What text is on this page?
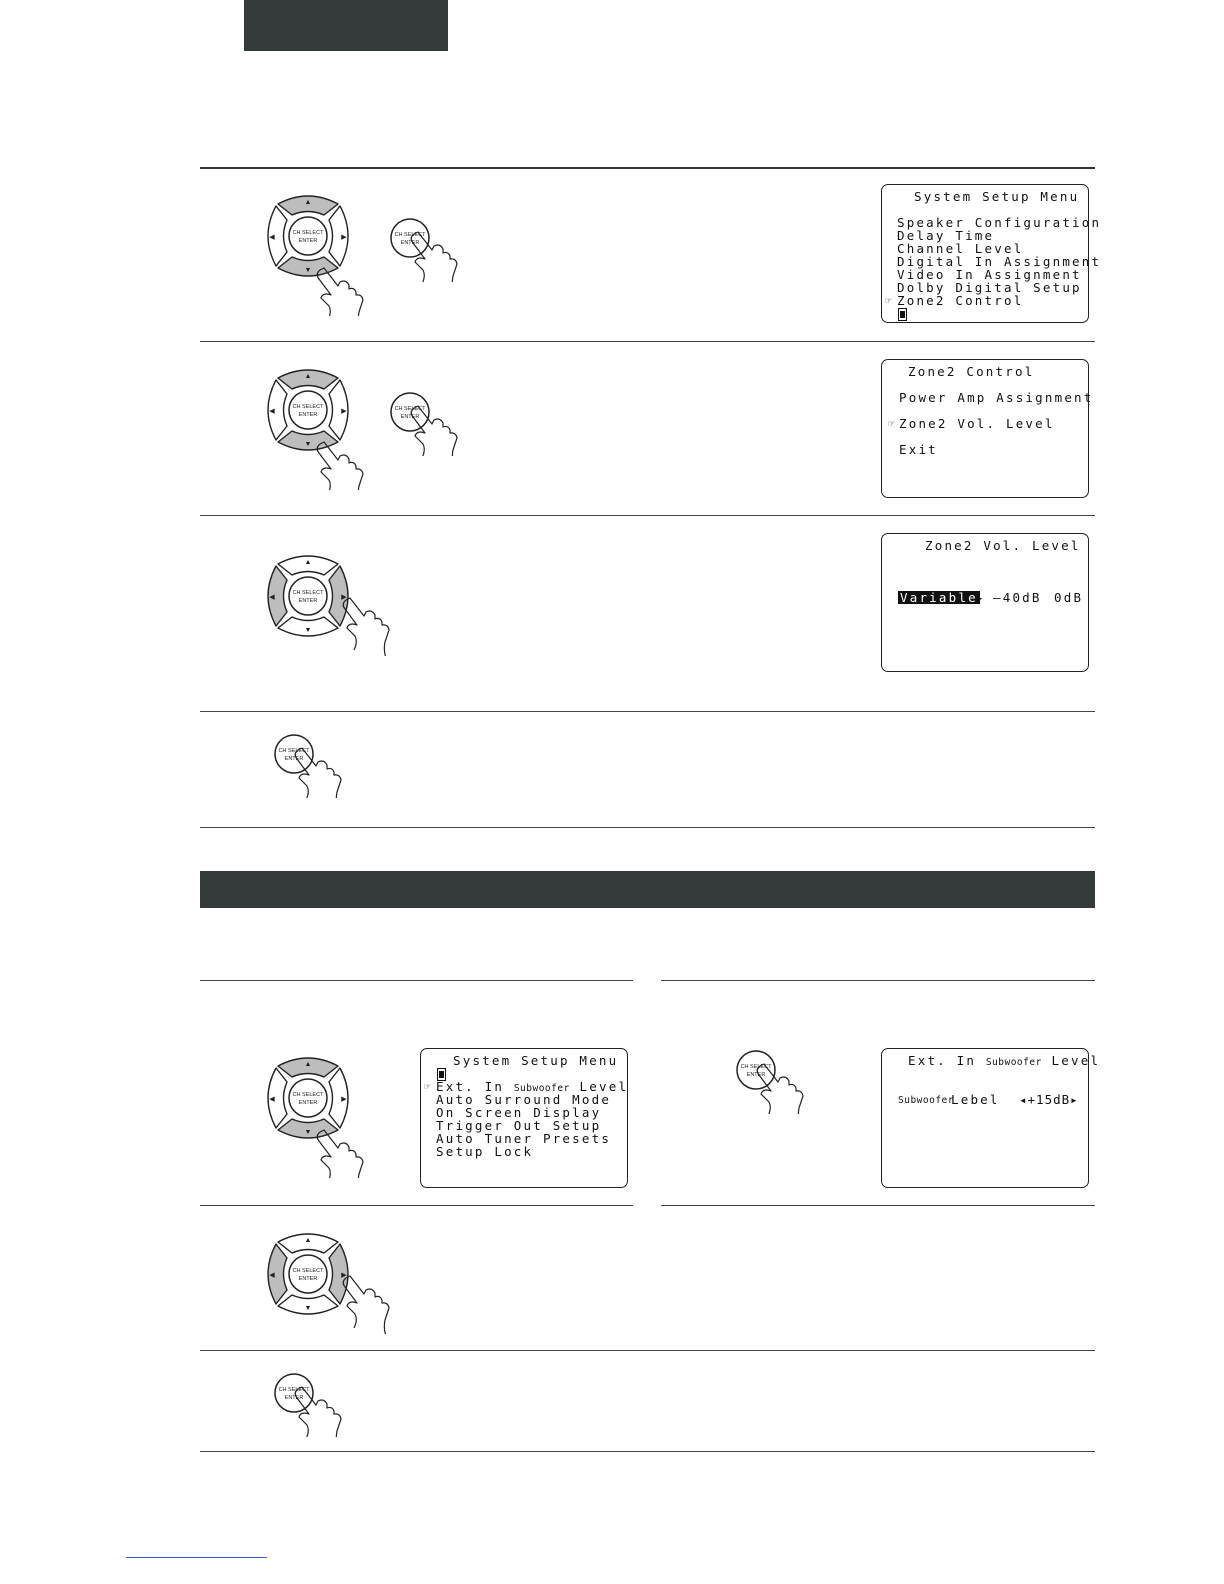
▲
▼
◀	▶
CH SELECT
ENTER
CH SELECT
ENTER
System Setup Menu
Speaker Configuration
Delay Time
Channel Level
Digital In Assignment
Video In Assignment
Dolby Digital Setup
☞ Zone2 Control
▲
▼
◀	▶
CH SELECT
ENTER
CH SELECT
ENTER
Zone2 Control
Power Amp Assignment
☞ Zone2 Vol. Level
Exit
▲
▼
◀	▶
CH SELECT
ENTER
Zone2 Vol. Level
Variable
▸ –40dB 0dB
CH SELECT
ENTER
▲
▼
◀	▶
CH SELECT
ENTER
System Setup Menu
☞ Ext. In Subwoofer Level
Auto Surround Mode
On Screen Display
Trigger Out Setup
Auto Tuner Presets
Setup Lock
CH SELECT
ENTER
Ext. In Subwoofer Level
Subwoofer
Lebel ◂+15dB▸
▲
▼
◀	▶
CH SELECT
ENTER
CH SELECT
ENTER
